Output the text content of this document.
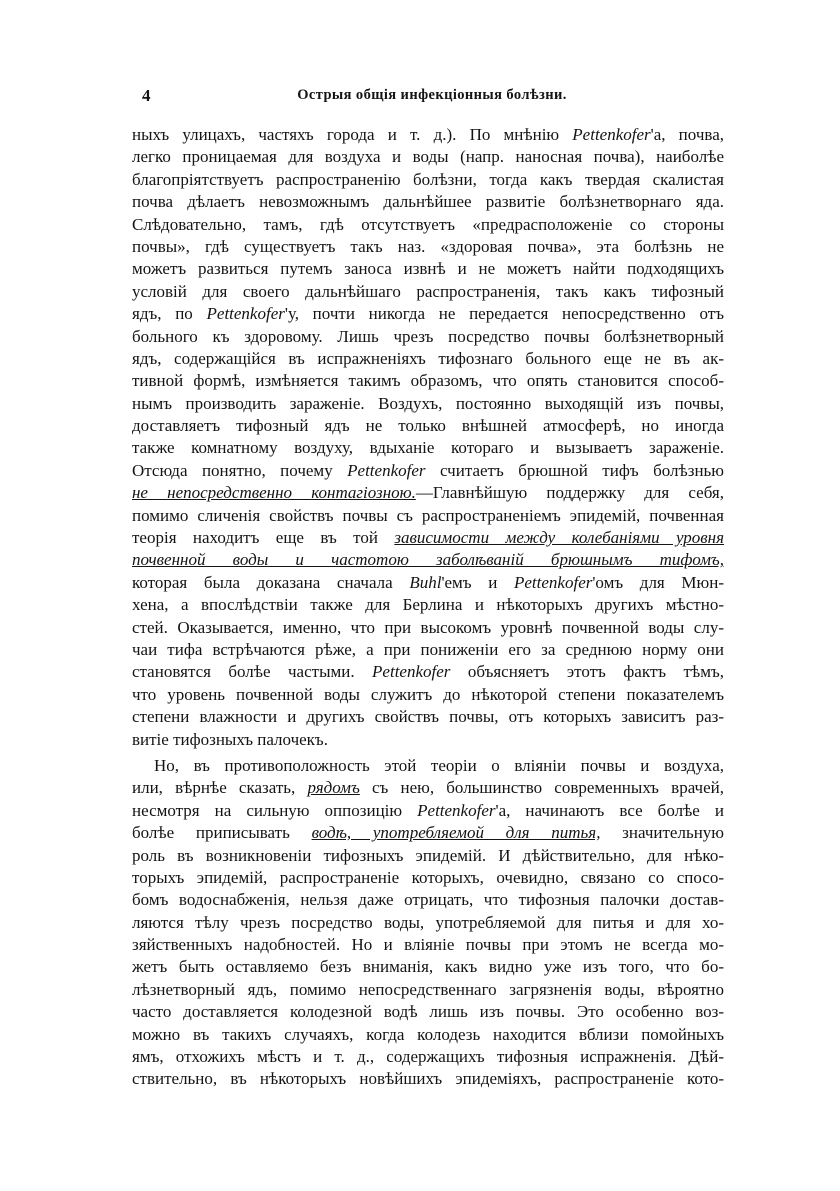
4	Острыя общія инфекціонныя болѣзни.
ныхъ улицахъ, частяхъ города и т. д.). По мнѣнію Pettenkofer'а, почва,
легко проницаемая для воздуха и воды (напр. наносная почва), наиболѣе
благопріятствуетъ распространенію болѣзни, тогда какъ твердая скалистая
почва дѣлаетъ невозможнымъ дальнѣйшее развитіе болѣзнетворнаго яда.
Слѣдовательно, тамъ, гдѣ отсутствуетъ «предрасположеніе со стороны
почвы», гдѣ существуетъ такъ наз. «здоровая почва», эта болѣзнь не
можетъ развиться путемъ заноса извнѣ и не можетъ найти подходящихъ
условій для своего дальнѣйшаго распространенія, такъ какъ тифозный
ядъ, по Pettenkofer'у, почти никогда не передается непосредственно отъ
больного къ здоровому. Лишь чрезъ посредство почвы болѣзнетворный
ядъ, содержащійся въ испражненіяхъ тифознаго больного еще не въ ак-
тивной формѣ, измѣняется такимъ образомъ, что опять становится способ-
нымъ производить зараженіе. Воздухъ, постоянно выходящій изъ почвы,
доставляетъ тифозный ядъ не только внѣшней атмосферѣ, но иногда
также комнатному воздуху, вдыханіе котораго и вызываетъ зараженіе.
Отсюда понятно, почему Pettenkofer считаетъ брюшной тифъ болѣзнью
не непосредственно контагіозною.—Главнѣйшую поддержку для себя,
помимо сличенія свойствъ почвы съ распространеніемъ эпидемій, почвенная
теорія находитъ еще въ той зависимости между колебаніями уровня
почвенной воды и частотою заболѣваній брюшнымъ тифомъ,
которая была доказана сначала Buhl'емъ и Pettenkofer'омъ для Мюн-
хена, а впослѣдствіи также для Берлина и нѣкоторыхъ другихъ мѣстно-
стей. Оказывается, именно, что при высокомъ уровнѣ почвенной воды слу-
чаи тифа встрѣчаются рѣже, а при пониженіи его за среднюю норму они
становятся болѣе частыми. Pettenkofer объясняетъ этотъ фактъ тѣмъ,
что уровень почвенной воды служитъ до нѣкоторой степени показателемъ
степени влажности и другихъ свойствъ почвы, отъ которыхъ зависитъ раз-
витіе тифозныхъ палочекъ.
Но, въ противоположность этой теоріи о вліяніи почвы и воздуха,
или, вѣрнѣе сказать, рядомъ съ нею, большинство современныхъ врачей,
несмотря на сильную оппозицію Pettenkofer'а, начинаютъ все болѣе и
болѣе приписывать водѣ, употребляемой для питья, значительную
роль въ возникновеніи тифозныхъ эпидемій. И дѣйствительно, для нѣко-
торыхъ эпидемій, распространеніе которыхъ, очевидно, связано со спосо-
бомъ водоснабженія, нельзя даже отрицать, что тифозныя палочки достав-
ляются тѣлу чрезъ посредство воды, употребляемой для питья и для хо-
зяйственныхъ надобностей. Но и вліяніе почвы при этомъ не всегда мо-
жетъ быть оставляемо безъ вниманія, какъ видно уже изъ того, что бо-
лѣзнетворный ядъ, помимо непосредственнаго загрязненія воды, вѣроятно
часто доставляется колодезной водѣ лишь изъ почвы. Это особенно воз-
можно въ такихъ случаяхъ, когда колодезь находится вблизи помойныхъ
ямъ, отхожихъ мѣстъ и т. д., содержащихъ тифозныя испражненія. Дѣй-
ствительно, въ нѣкоторыхъ новѣйшихъ эпидеміяхъ, распространеніе кото-
